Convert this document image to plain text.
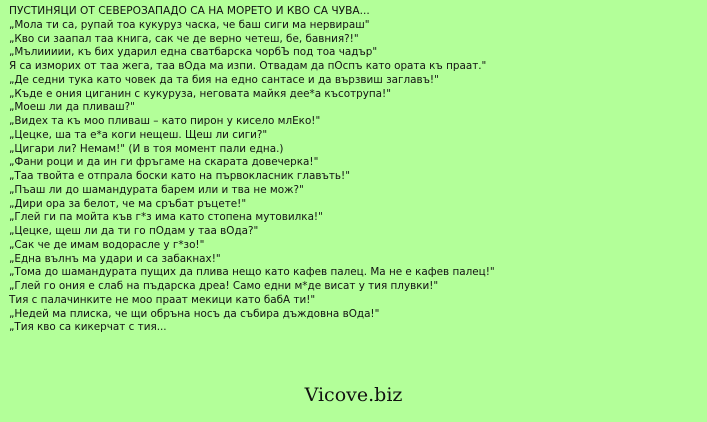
ПУСТИНЯЦИ ОТ СЕВЕРОЗАПАДО СА НА МОРЕТО И КВО СА ЧУВА...
„Мола ти са, рупай тоа кукуруз часка, че баш сиги ма нервираш"
„Кво си заапал таа книга, сак че де верно четеш, бе, бавния?!"
„Мълиииии, къ бих ударил една сватбарска чорбЪ под тоа чадър"
Я са измориx от таа жега, таа вОда ма изпи. Отвадам да пОспъ като ората къ праат."
„Де седни тука като човек да та бия на едно сантасе и да вързвиш заглавъ!"
„Къде е ония циганин с кукуруза, неговата майкя дее*а късотрупа!"
„Моеш ли да пливаш?"
„Видех та къ моо пливаш – като пирон у кисело млЕко!"
„Цецке, ша та е*а коги нещеш. Щеш ли сиги?"
„Цигари ли? Немам!" (И в тоя момент пали една.)
„Фани роци и да ин ги фръгаме на скарата довечерка!"
„Таа твойта е отпрала боски като на първокласник главъть!"
„Пъаш ли до шамандурата барем или и тва не мож?"
„Дири ора за белот, че ма сръбат ръцете!"
„Глей ги па мойта къв г*з има като стопена мутовилка!"
„Цецке, щеш ли да ти го пОдам у таа вОда?"
„Сак че де имам водорасле у г*зо!"
„Една вълнъ ма удари и са забакнах!"
„Тома до шамандурата пущих да плива нещо като кафев палец. Ма не е кафев палец!"
„Глей го ония е слаб на пъдарска дреа! Само едни м*де висат у тия плувки!"
Тия с палачинките не моо праат мекици като бабА ти!"
„Недей ма плиска, че щи обръна носъ да събира дъждовна вОда!"
„Тия кво са кикерчат с тия...
Vicove.biz
